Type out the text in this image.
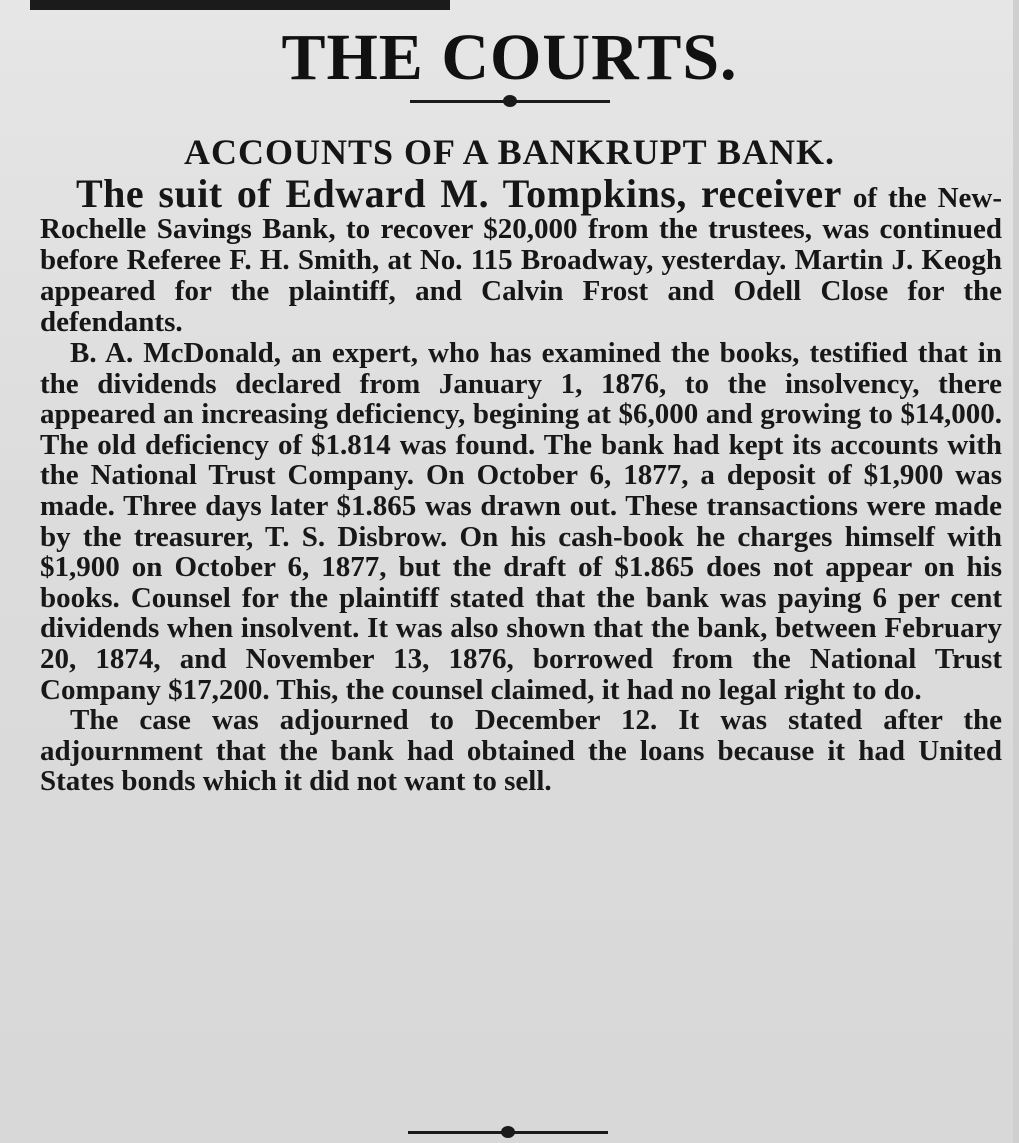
THE COURTS.
ACCOUNTS OF A BANKRUPT BANK.

The suit of Edward M. Tompkins, receiver of the New-Rochelle Savings Bank, to recover $20,000 from the trustees, was continued before Referee F. H. Smith, at No. 115 Broadway, yesterday. Martin J. Keogh appeared for the plaintiff, and Calvin Frost and Odell Close for the defendants.

B. A. McDonald, an expert, who has examined the books, testified that in the dividends declared from January 1, 1876, to the insolvency, there appeared an increasing deficiency, begining at $6,000 and growing to $14,000. The old deficiency of $1.814 was found. The bank had kept its accounts with the National Trust Company. On October 6, 1877, a deposit of $1,900 was made. Three days later $1.865 was drawn out. These transactions were made by the treasurer, T. S. Disbrow. On his cash-book he charges himself with $1,900 on October 6, 1877, but the draft of $1.865 does not appear on his books. Counsel for the plaintiff stated that the bank was paying 6 per cent dividends when insolvent. It was also shown that the bank, between February 20, 1874, and November 13, 1876, borrowed from the National Trust Company $17,200. This, the counsel claimed, it had no legal right to do.

The case was adjourned to December 12. It was stated after the adjournment that the bank had obtained the loans because it had United States bonds which it did not want to sell.
